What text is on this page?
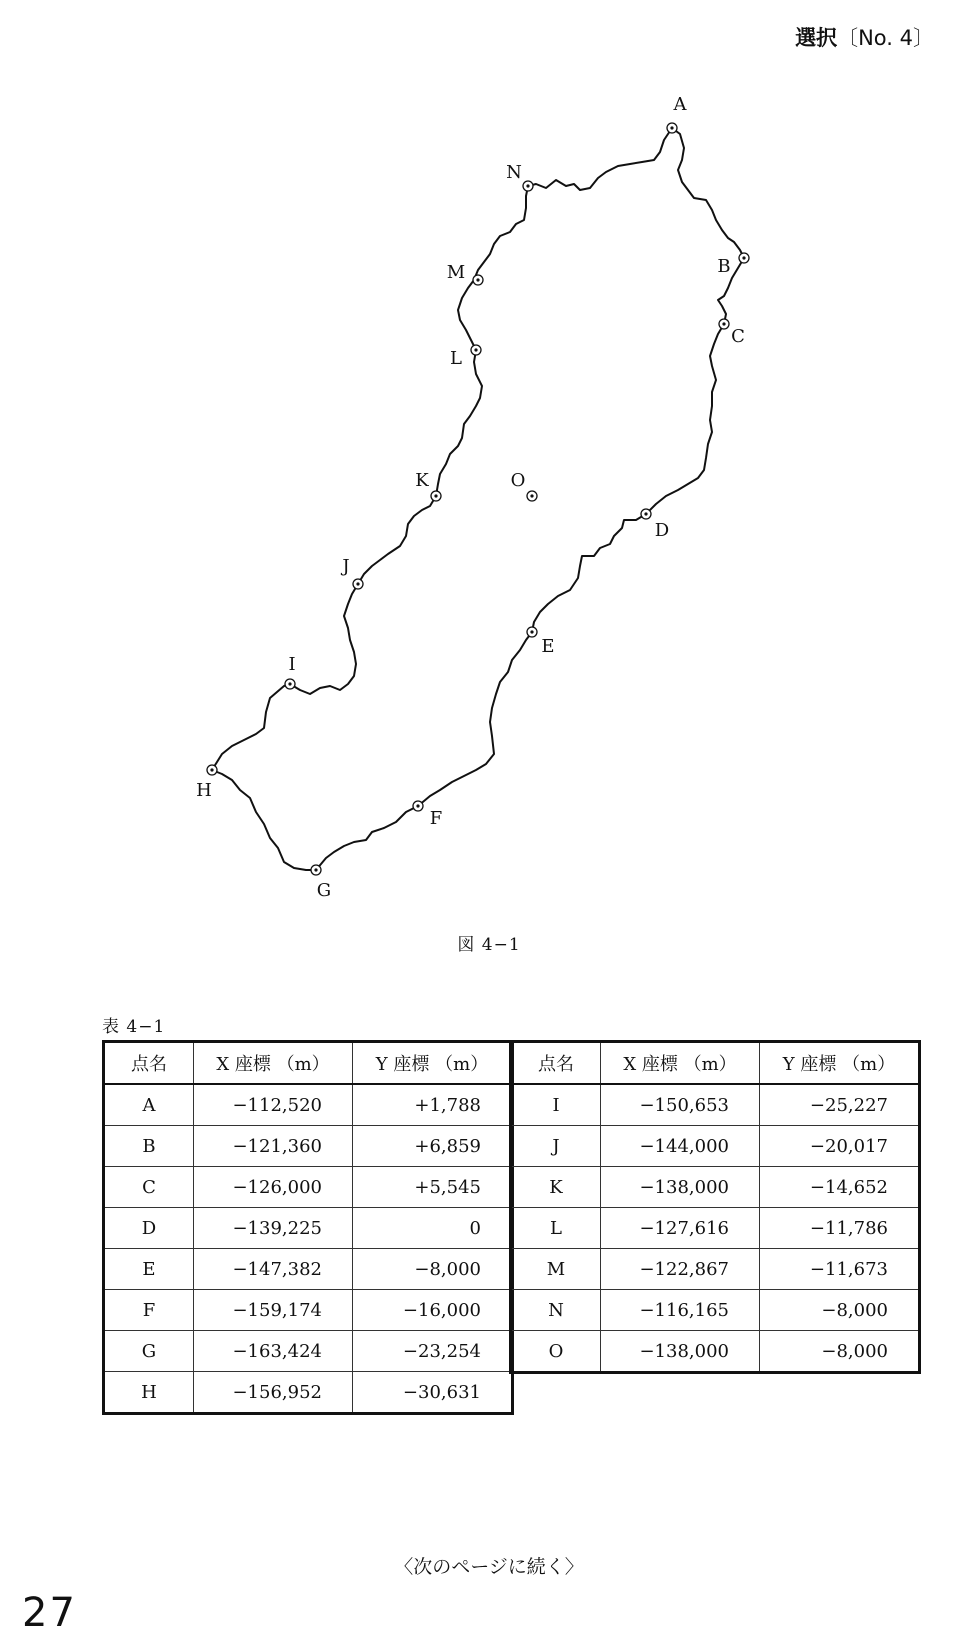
選択〔No. 4〕
A
B
C
D
E
F
G
H
I
J
K
L
M
N
O
図 4−1
表 4−1
点名	X 座標 （m）	Y 座標 （m）
A	−112,520	+1,788
B	−121,360	+6,859
C	−126,000	+5,545
D	−139,225	0
E	−147,382	−8,000
F	−159,174	−16,000
G	−163,424	−23,254
H	−156,952	−30,631
点名	X 座標 （m）	Y 座標 （m）
I	−150,653	−25,227
J	−144,000	−20,017
K	−138,000	−14,652
L	−127,616	−11,786
M	−122,867	−11,673
N	−116,165	−8,000
O	−138,000	−8,000
〈次のページに続く〉
27
